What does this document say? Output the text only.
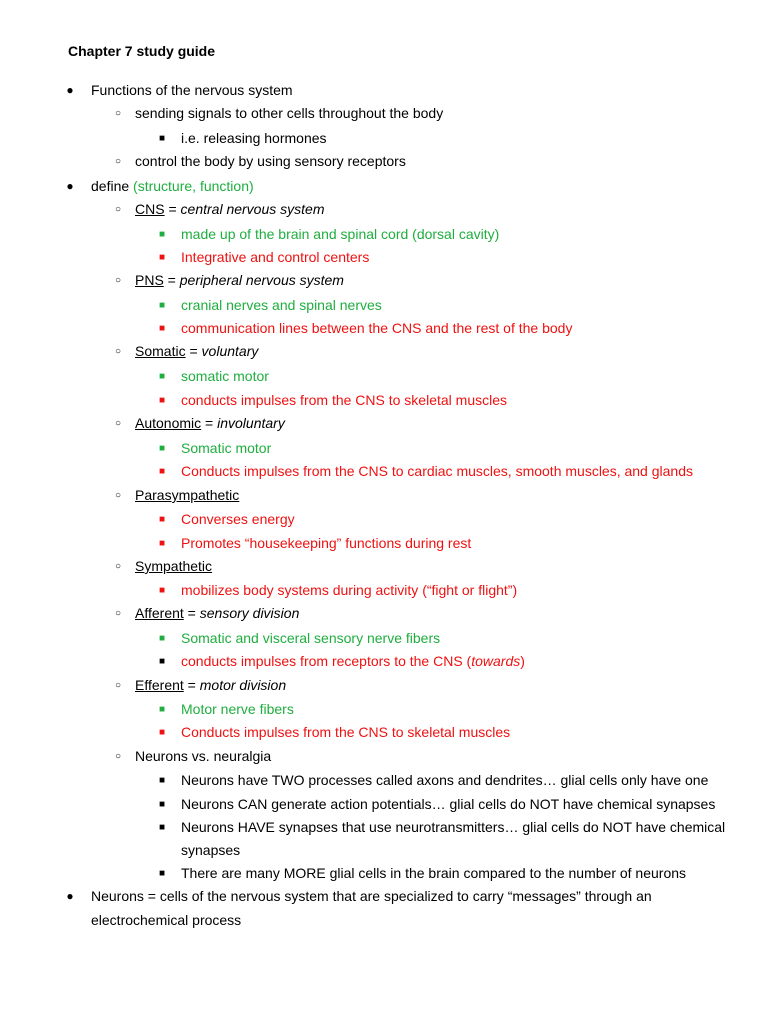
Chapter 7 study guide
● Functions of the nervous system
○ sending signals to other cells throughout the body
■ i.e. releasing hormones
○ control the body by using sensory receptors
● define (structure, function)
○ CNS = central nervous system
■ made up of the brain and spinal cord (dorsal cavity)
■ Integrative and control centers
○ PNS = peripheral nervous system
■ cranial nerves and spinal nerves
■ communication lines between the CNS and the rest of the body
○ Somatic = voluntary
■ somatic motor
■ conducts impulses from the CNS to skeletal muscles
○ Autonomic = involuntary
■ Somatic motor
■ Conducts impulses from the CNS to cardiac muscles, smooth muscles, and glands
○ Parasympathetic
■ Converses energy
■ Promotes “housekeeping” functions during rest
○ Sympathetic
■ mobilizes body systems during activity (“fight or flight”)
○ Afferent = sensory division
■ Somatic and visceral sensory nerve fibers
■ conducts impulses from receptors to the CNS (towards)
○ Efferent = motor division
■ Motor nerve fibers
■ Conducts impulses from the CNS to skeletal muscles
○ Neurons vs. neuralgia
■ Neurons have TWO processes called axons and dendrites… glial cells only have one
■ Neurons CAN generate action potentials… glial cells do NOT have chemical synapses
■ Neurons HAVE synapses that use neurotransmitters… glial cells do NOT have chemical
synapses
■ There are many MORE glial cells in the brain compared to the number of neurons
● Neurons = cells of the nervous system that are specialized to carry “messages” through an
electrochemical process
